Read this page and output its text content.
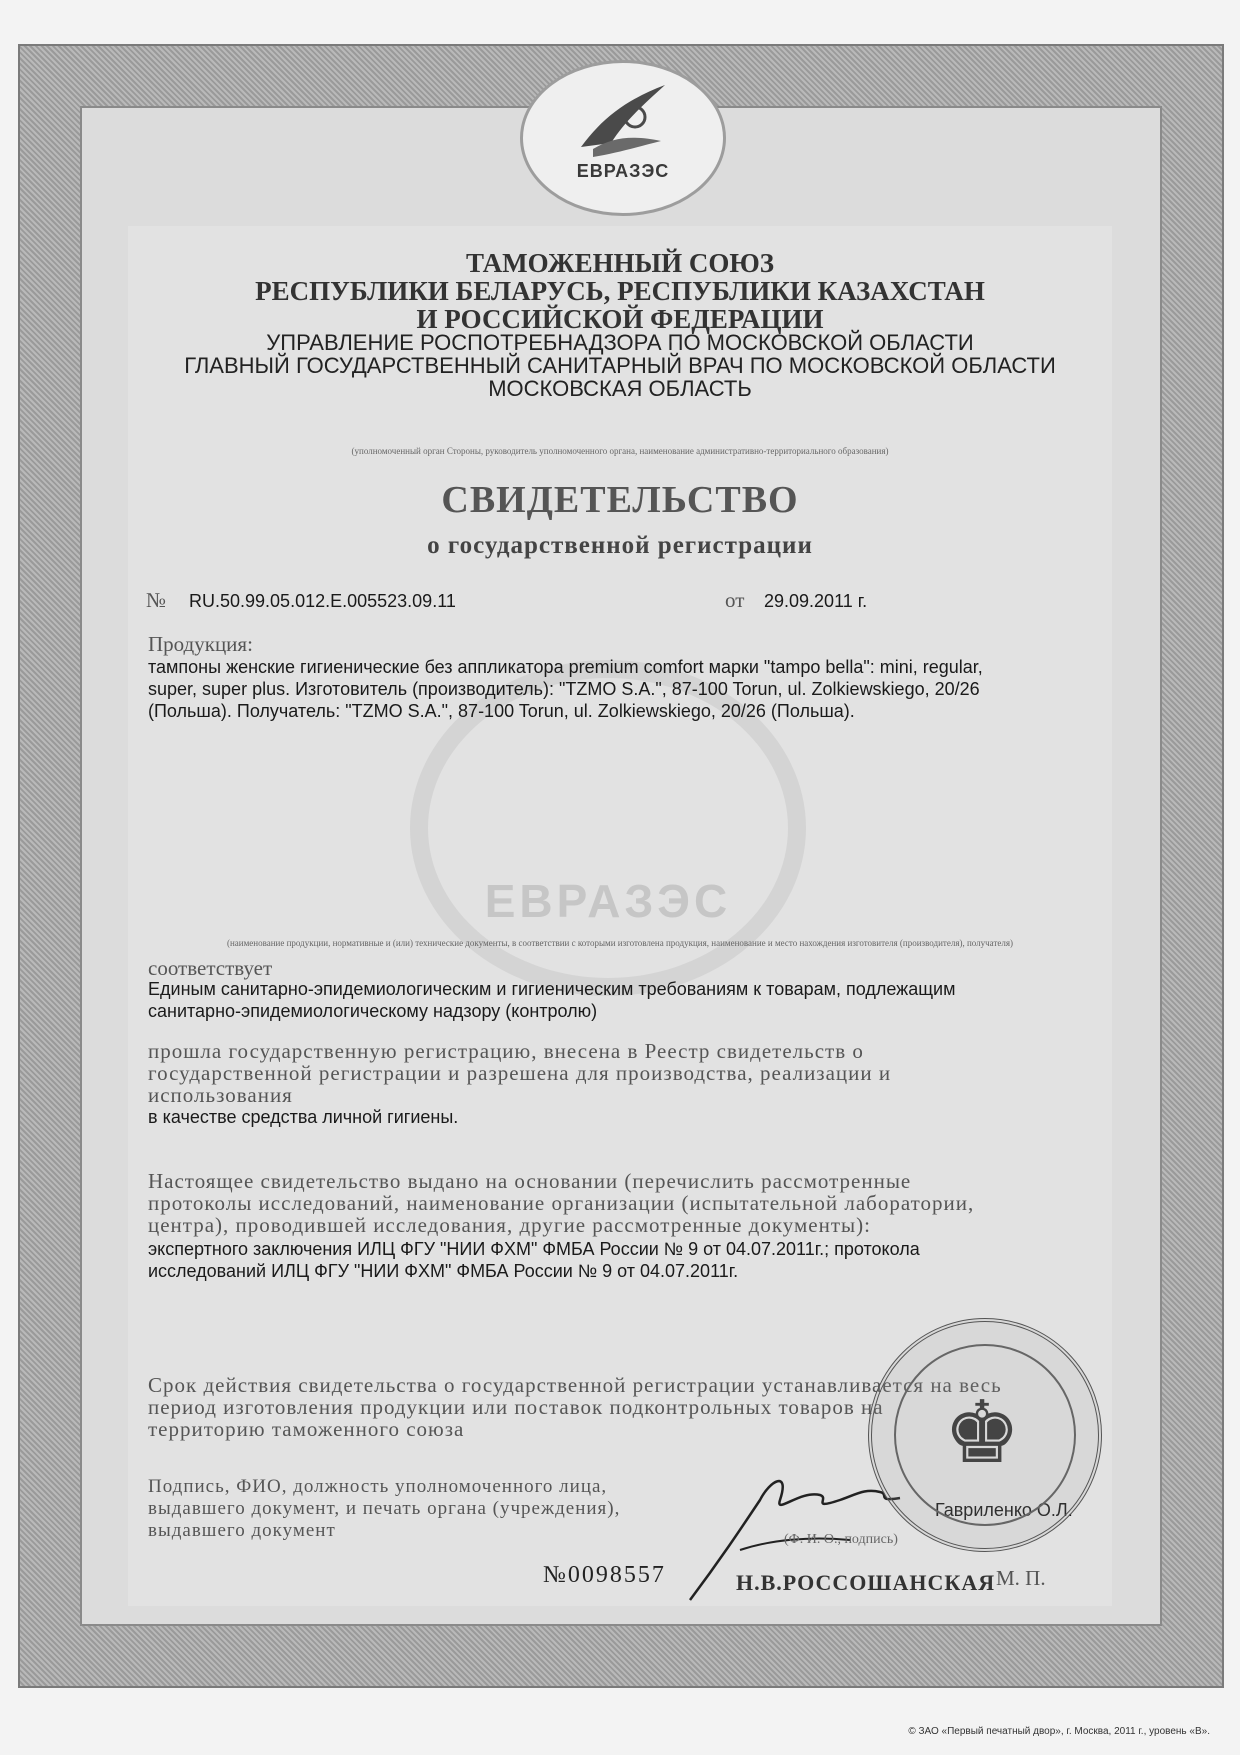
ЕВРАЗЭС
ЕВРАЗЭС
ТАМОЖЕННЫЙ СОЮЗ
РЕСПУБЛИКИ БЕЛАРУСЬ, РЕСПУБЛИКИ КАЗАХСТАН
И РОССИЙСКОЙ ФЕДЕРАЦИИ
УПРАВЛЕНИЕ РОСПОТРЕБНАДЗОРА ПО МОСКОВСКОЙ ОБЛАСТИ
ГЛАВНЫЙ ГОСУДАРСТВЕННЫЙ САНИТАРНЫЙ ВРАЧ ПО МОСКОВСКОЙ ОБЛАСТИ
МОСКОВСКАЯ ОБЛАСТЬ
(уполномоченный орган Стороны, руководитель уполномоченного органа, наименование административно-территориального образования)
СВИДЕТЕЛЬСТВО
о государственной регистрации
№ RU.50.99.05.012.Е.005523.09.11	от 29.09.2011 г.
Продукция:
тампоны женские гигиенические без аппликатора premium comfort марки "tampo bella": mini, regular,
super, super plus. Изготовитель (производитель): "TZMO S.A.", 87-100 Torun, ul. Zolkiewskiego, 20/26
(Польша). Получатель: "TZMO S.A.", 87-100 Torun, ul. Zolkiewskiego, 20/26 (Польша).
(наименование продукции, нормативные и (или) технические документы, в соответствии с которыми изготовлена продукция, наименование и место нахождения изготовителя (производителя), получателя)
соответствует
Единым санитарно-эпидемиологическим и гигиеническим требованиям к товарам, подлежащим
санитарно-эпидемиологическому надзору (контролю)
прошла государственную регистрацию, внесена в Реестр свидетельств о
государственной регистрации и разрешена для производства, реализации и
использования
в качестве средства личной гигиены.
Настоящее свидетельство выдано на основании (перечислить рассмотренные
протоколы исследований, наименование организации (испытательной лаборатории,
центра), проводившей исследования, другие рассмотренные документы):
экспертного заключения ИЛЦ ФГУ "НИИ ФХМ" ФМБА России № 9 от 04.07.2011г.; протокола
исследований ИЛЦ ФГУ "НИИ ФХМ" ФМБА России № 9 от 04.07.2011г.
Срок действия свидетельства о государственной регистрации устанавливается на весь
период изготовления продукции или поставок подконтрольных товаров на
территорию таможенного союза
Подпись, ФИО, должность уполномоченного лица,
выдавшего документ, и печать органа (учреждения),
выдавшего документ
Гавриленко О.Л.
(Ф. И. О., подпись)
♚
№0098557	Н.В.РОССОШАНСКАЯ М. П.
© ЗАО «Первый печатный двор», г. Москва, 2011 г., уровень «В».
